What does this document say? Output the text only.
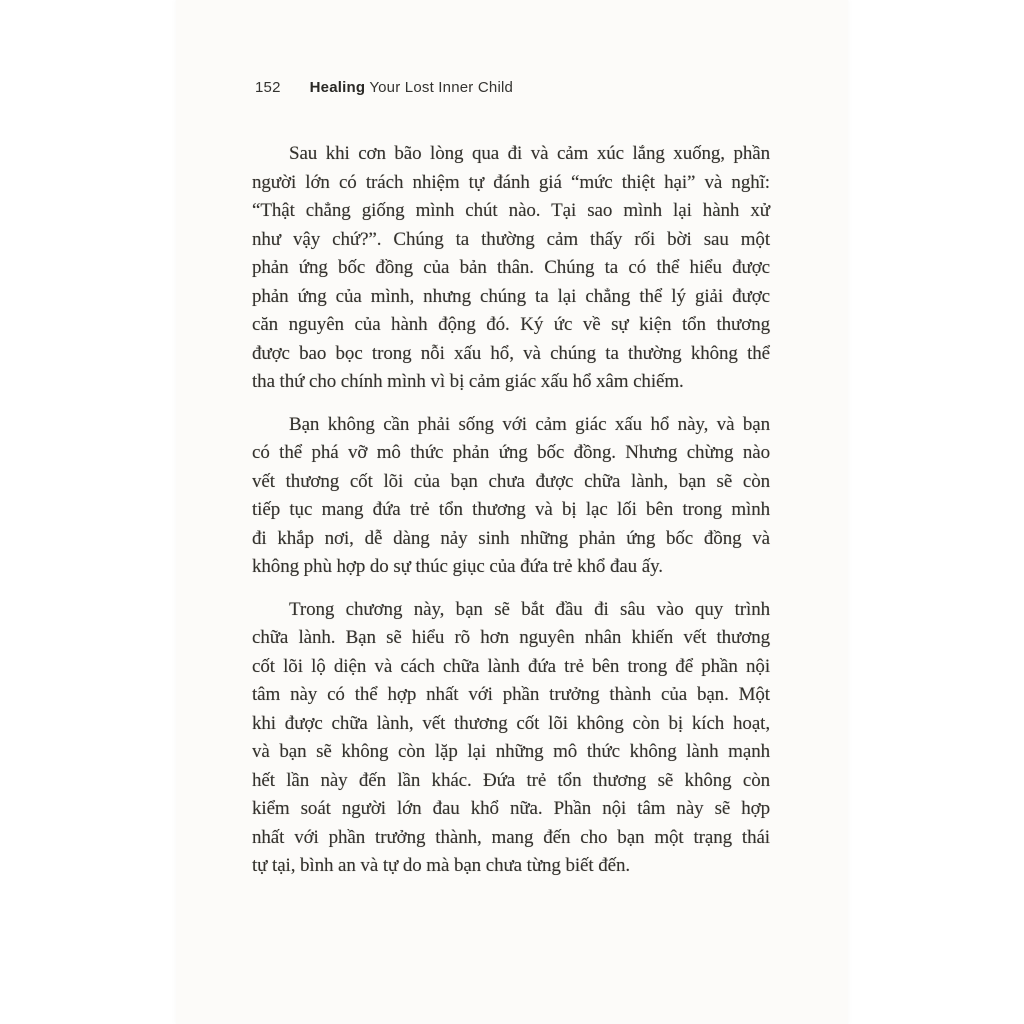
152 Healing Your Lost Inner Child
Sau khi cơn bão lòng qua đi và cảm xúc lắng xuống, phần
người lớn có trách nhiệm tự đánh giá “mức thiệt hại” và nghĩ:
“Thật chẳng giống mình chút nào. Tại sao mình lại hành xử
như vậy chứ?”. Chúng ta thường cảm thấy rối bời sau một
phản ứng bốc đồng của bản thân. Chúng ta có thể hiểu được
phản ứng của mình, nhưng chúng ta lại chẳng thể lý giải được
căn nguyên của hành động đó. Ký ức về sự kiện tổn thương
được bao bọc trong nỗi xấu hổ, và chúng ta thường không thể
tha thứ cho chính mình vì bị cảm giác xấu hổ xâm chiếm.
Bạn không cần phải sống với cảm giác xấu hổ này, và bạn
có thể phá vỡ mô thức phản ứng bốc đồng. Nhưng chừng nào
vết thương cốt lõi của bạn chưa được chữa lành, bạn sẽ còn
tiếp tục mang đứa trẻ tổn thương và bị lạc lối bên trong mình
đi khắp nơi, dễ dàng nảy sinh những phản ứng bốc đồng và
không phù hợp do sự thúc giục của đứa trẻ khổ đau ấy.
Trong chương này, bạn sẽ bắt đầu đi sâu vào quy trình
chữa lành. Bạn sẽ hiểu rõ hơn nguyên nhân khiến vết thương
cốt lõi lộ diện và cách chữa lành đứa trẻ bên trong để phần nội
tâm này có thể hợp nhất với phần trưởng thành của bạn. Một
khi được chữa lành, vết thương cốt lõi không còn bị kích hoạt,
và bạn sẽ không còn lặp lại những mô thức không lành mạnh
hết lần này đến lần khác. Đứa trẻ tổn thương sẽ không còn
kiểm soát người lớn đau khổ nữa. Phần nội tâm này sẽ hợp
nhất với phần trưởng thành, mang đến cho bạn một trạng thái
tự tại, bình an và tự do mà bạn chưa từng biết đến.
